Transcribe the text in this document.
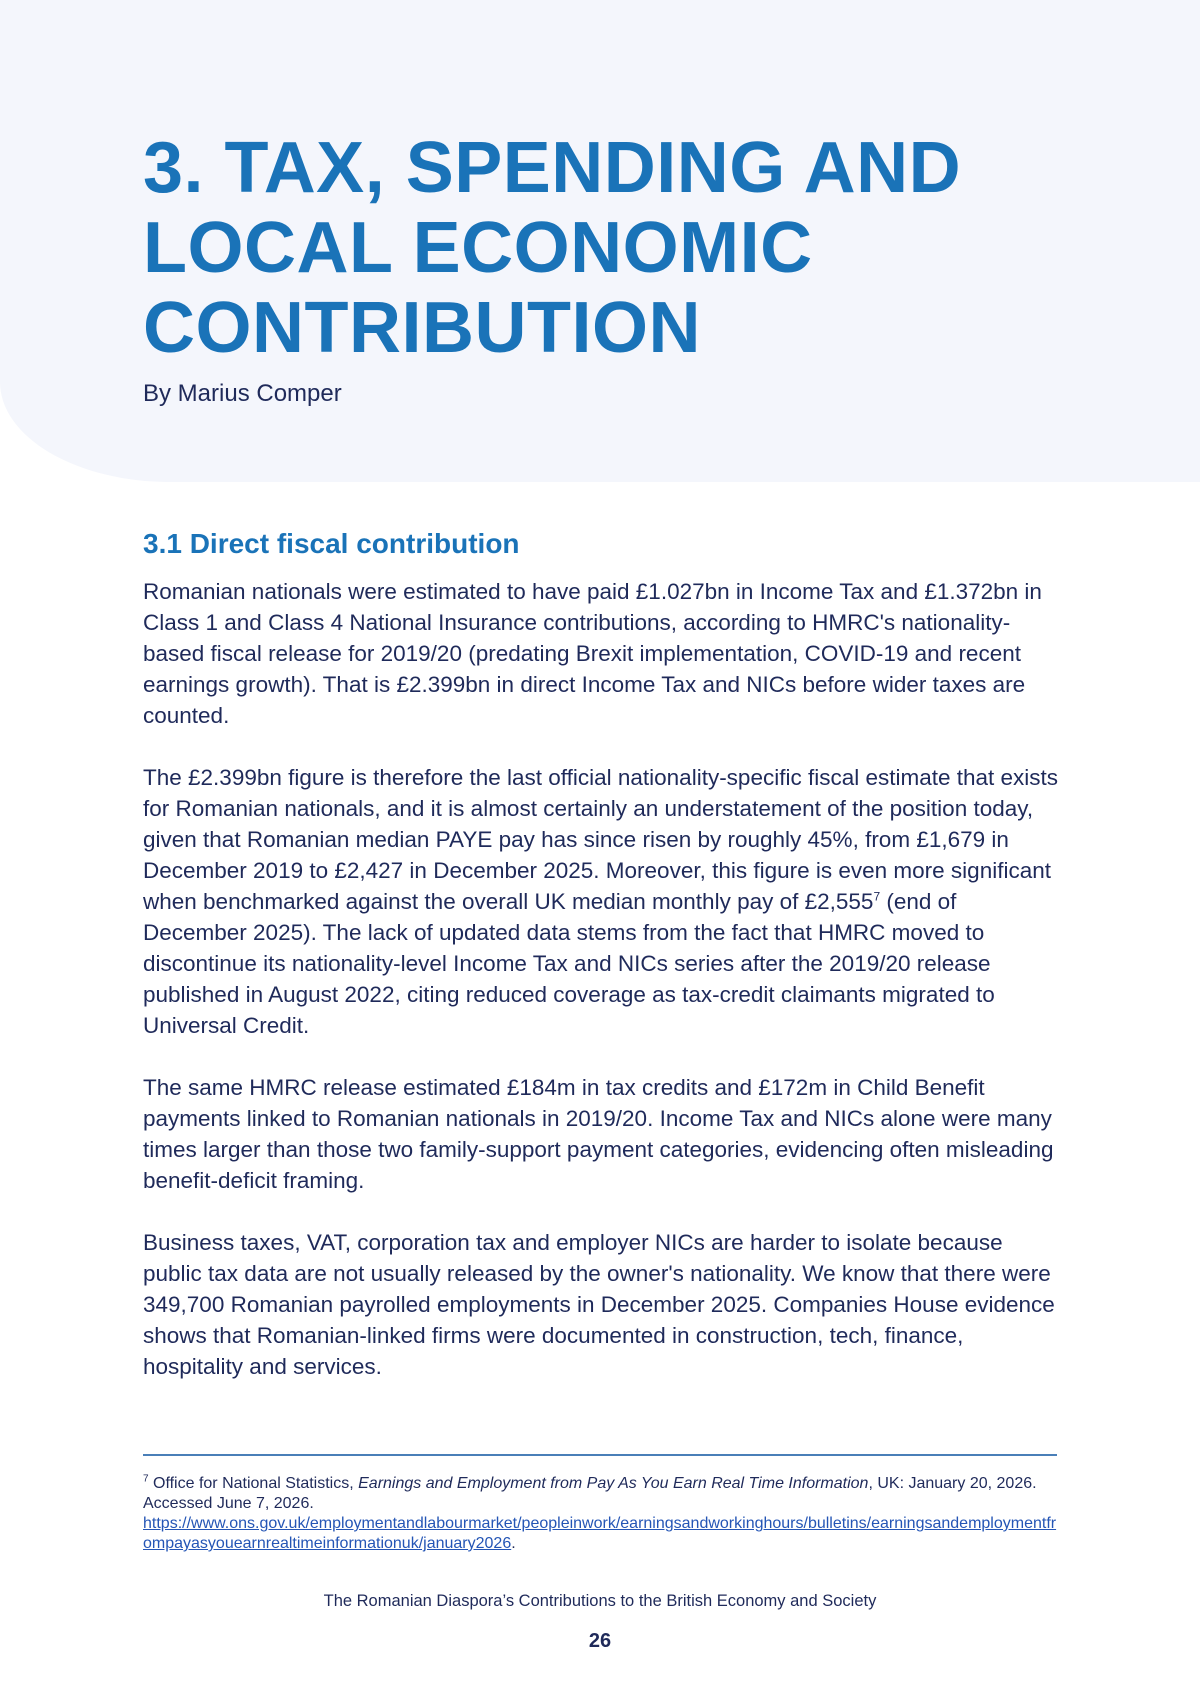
3. TAX, SPENDING AND
LOCAL ECONOMIC
CONTRIBUTION

By Marius Comper

3.1 Direct fiscal contribution

Romanian nationals were estimated to have paid £1.027bn in Income Tax and £1.372bn in Class 1 and Class 4 National Insurance contributions, according to HMRC's nationality-based fiscal release for 2019/20 (predating Brexit implementation, COVID-19 and recent earnings growth). That is £2.399bn in direct Income Tax and NICs before wider taxes are counted.

The £2.399bn figure is therefore the last official nationality-specific fiscal estimate that exists for Romanian nationals, and it is almost certainly an understatement of the position today, given that Romanian median PAYE pay has since risen by roughly 45%, from £1,679 in December 2019 to £2,427 in December 2025. Moreover, this figure is even more significant when benchmarked against the overall UK median monthly pay of £2,555$^7$ (end of December 2025). The lack of updated data stems from the fact that HMRC moved to discontinue its nationality-level Income Tax and NICs series after the 2019/20 release published in August 2022, citing reduced coverage as tax-credit claimants migrated to Universal Credit.

The same HMRC release estimated £184m in tax credits and £172m in Child Benefit payments linked to Romanian nationals in 2019/20. Income Tax and NICs alone were many times larger than those two family-support payment categories, evidencing often misleading benefit-deficit framing.

Business taxes, VAT, corporation tax and employer NICs are harder to isolate because public tax data are not usually released by the owner's nationality. We know that there were 349,700 Romanian payrolled employments in December 2025. Companies House evidence shows that Romanian-linked firms were documented in construction, tech, finance, hospitality and services.

$^7$ Office for National Statistics, Earnings and Employment from Pay As You Earn Real Time Information, UK: January 20, 2026. Accessed June 7, 2026.
https://www.ons.gov.uk/employmentandlabourmarket/peopleinwork/earningsandworkinghours/bulletins/earningsandemploymentfrompayasyouearnrealtimeinformationuk/january2026.
The Romanian Diaspora’s Contributions to the British Economy and Society
26
